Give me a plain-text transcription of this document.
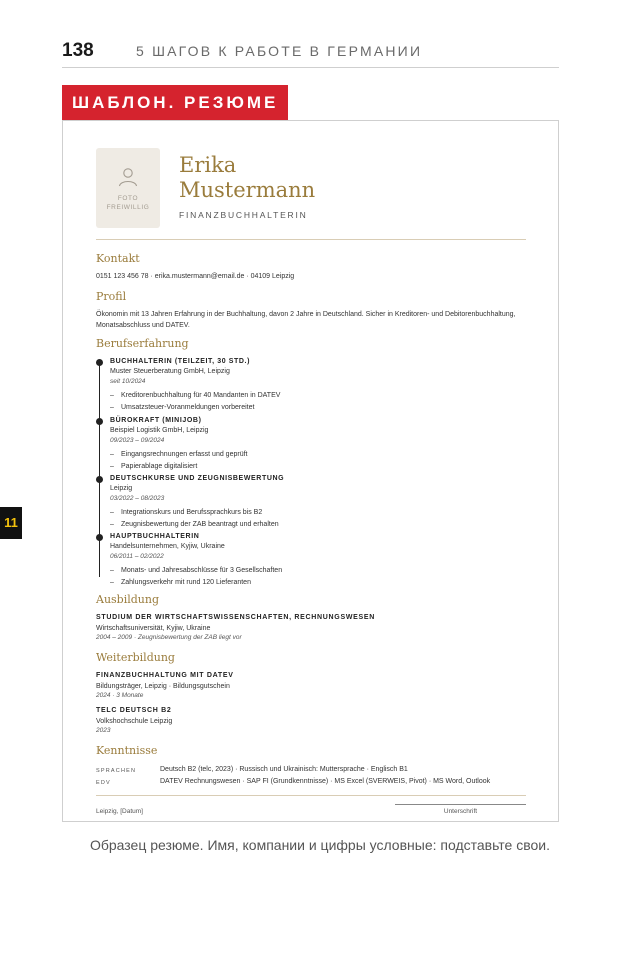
138	5 ШАГОВ К РАБОТЕ В ГЕРМАНИИ
ШАБЛОН. РЕЗЮМЕ
11
FOTO
FREIWILLIG
Erika
Mustermann
FINANZBUCHHALTERIN
Kontakt
0151 123 456 78 · erika.mustermann@email.de · 04109 Leipzig
Profil
Ökonomin mit 13 Jahren Erfahrung in der Buchhaltung, davon 2 Jahre in Deutschland. Sicher in Kreditoren- und Debitorenbuchhaltung, Monatsabschluss und DATEV.
Berufserfahrung
BUCHHALTERIN (TEILZEIT, 30 STD.)
Muster Steuerberatung GmbH, Leipzig
seit 10/2024
– Kreditorenbuchhaltung für 40 Mandanten in DATEV
– Umsatzsteuer-Voranmeldungen vorbereitet
BÜROKRAFT (MINIJOB)
Beispiel Logistik GmbH, Leipzig
09/2023 – 09/2024
– Eingangsrechnungen erfasst und geprüft
– Papierablage digitalisiert
DEUTSCHKURSE UND ZEUGNISBEWERTUNG
Leipzig
03/2022 – 08/2023
– Integrationskurs und Berufssprachkurs bis B2
– Zeugnisbewertung der ZAB beantragt und erhalten
HAUPTBUCHHALTERIN
Handelsunternehmen, Kyjiw, Ukraine
06/2011 – 02/2022
– Monats- und Jahresabschlüsse für 3 Gesellschaften
– Zahlungsverkehr mit rund 120 Lieferanten
Ausbildung
STUDIUM DER WIRTSCHAFTSWISSENSCHAFTEN, RECHNUNGSWESEN
Wirtschaftsuniversität, Kyjiw, Ukraine
2004 – 2009 · Zeugnisbewertung der ZAB liegt vor
Weiterbildung
FINANZBUCHHALTUNG MIT DATEV
Bildungsträger, Leipzig · Bildungsgutschein
2024 · 3 Monate
TELC DEUTSCH B2
Volkshochschule Leipzig
2023
Kenntnisse
SPRACHEN	Deutsch B2 (telc, 2023) · Russisch und Ukrainisch: Muttersprache · Englisch B1
EDV	DATEV Rechnungswesen · SAP FI (Grundkenntnisse) · MS Excel (SVERWEIS, Pivot) · MS Word, Outlook
Leipzig, [Datum]	Unterschrift
Образец резюме. Имя, компании и цифры условные: подставьте свои.
